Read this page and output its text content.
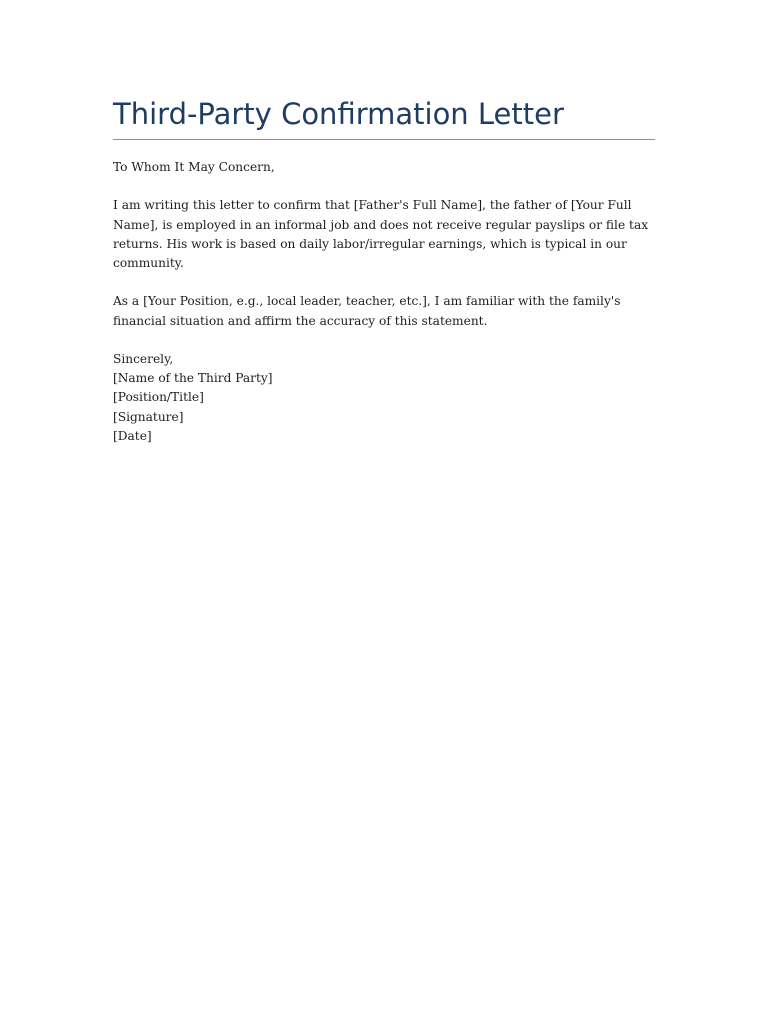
Third-Party Confirmation Letter

To Whom It May Concern,

I am writing this letter to confirm that [Father's Full Name], the father of [Your Full Name], is employed in an informal job and does not receive regular payslips or file tax returns. His work is based on daily labor/irregular earnings, which is typical in our community.

As a [Your Position, e.g., local leader, teacher, etc.], I am familiar with the family's financial situation and affirm the accuracy of this statement.

Sincerely,
[Name of the Third Party]
[Position/Title]
[Signature]
[Date]
